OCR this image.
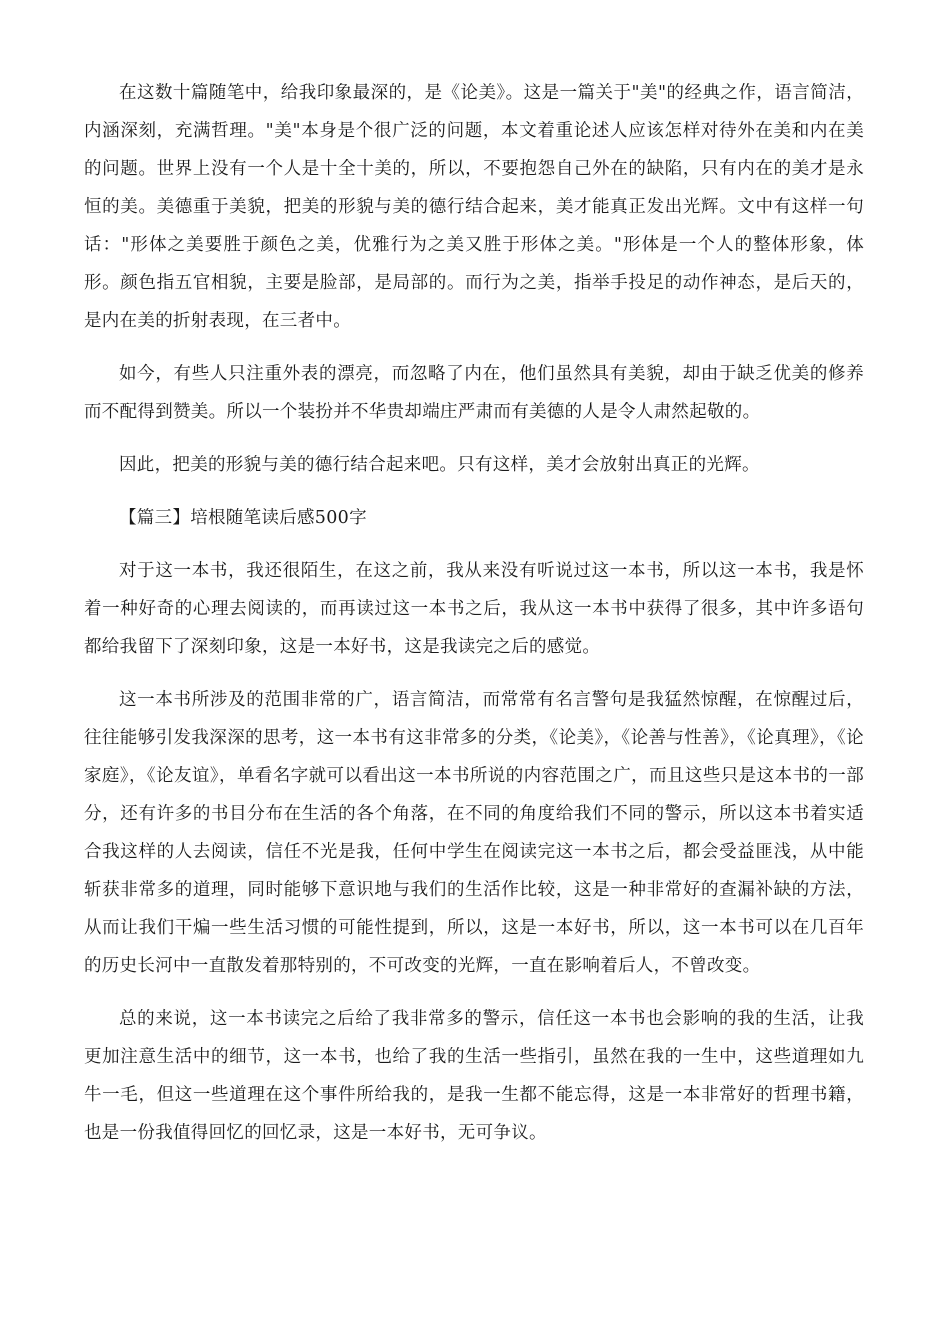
在这数十篇随笔中，给我印象最深的，是《论美》。这是一篇关于"美"的经典之作，语言简洁，内涵深刻，充满哲理。"美"本身是个很广泛的问题，本文着重论述人应该怎样对待外在美和内在美的问题。世界上没有一个人是十全十美的，所以，不要抱怨自己外在的缺陷，只有内在的美才是永恒的美。美德重于美貌，把美的形貌与美的德行结合起来，美才能真正发出光辉。文中有这样一句话："形体之美要胜于颜色之美，优雅行为之美又胜于形体之美。"形体是一个人的整体形象，体形。颜色指五官相貌，主要是脸部，是局部的。而行为之美，指举手投足的动作神态，是后天的，是内在美的折射表现，在三者中。

如今，有些人只注重外表的漂亮，而忽略了内在，他们虽然具有美貌，却由于缺乏优美的修养而不配得到赞美。所以一个装扮并不华贵却端庄严肃而有美德的人是令人肃然起敬的。

因此，把美的形貌与美的德行结合起来吧。只有这样，美才会放射出真正的光辉。

【篇三】培根随笔读后感500字

对于这一本书，我还很陌生，在这之前，我从来没有听说过这一本书，所以这一本书，我是怀着一种好奇的心理去阅读的，而再读过这一本书之后，我从这一本书中获得了很多，其中许多语句都给我留下了深刻印象，这是一本好书，这是我读完之后的感觉。

这一本书所涉及的范围非常的广，语言简洁，而常常有名言警句是我猛然惊醒，在惊醒过后，往往能够引发我深深的思考，这一本书有这非常多的分类，《论美》，《论善与性善》，《论真理》，《论家庭》，《论友谊》，单看名字就可以看出这一本书所说的内容范围之广，而且这些只是这本书的一部分，还有许多的书目分布在生活的各个角落，在不同的角度给我们不同的警示，所以这本书着实适合我这样的人去阅读，信任不光是我，任何中学生在阅读完这一本书之后，都会受益匪浅，从中能斩获非常多的道理，同时能够下意识地与我们的生活作比较，这是一种非常好的查漏补缺的方法，从而让我们干煸一些生活习惯的可能性提到，所以，这是一本好书，所以，这一本书可以在几百年的历史长河中一直散发着那特别的，不可改变的光辉，一直在影响着后人，不曾改变。

总的来说，这一本书读完之后给了我非常多的警示，信任这一本书也会影响的我的生活，让我更加注意生活中的细节，这一本书，也给了我的生活一些指引，虽然在我的一生中，这些道理如九牛一毛，但这一些道理在这个事件所给我的，是我一生都不能忘得，这是一本非常好的哲理书籍，也是一份我值得回忆的回忆录，这是一本好书，无可争议。
